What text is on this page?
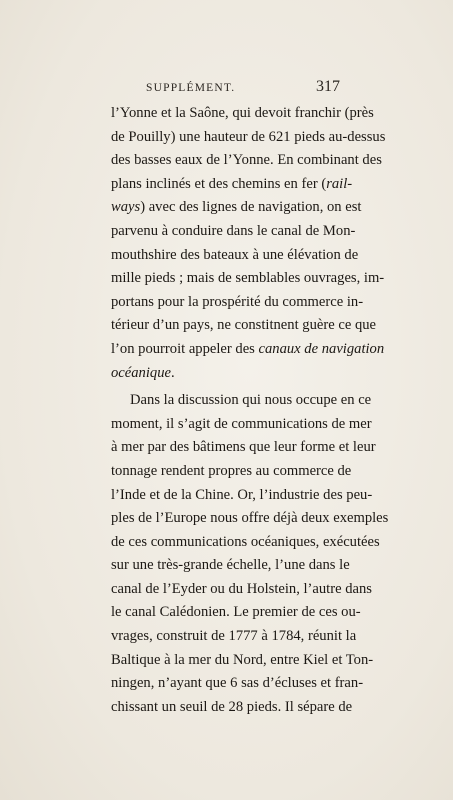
SUPPLÉMENT.	317
l’Yonne et la Saône, qui devoit franchir (près
de Pouilly) une hauteur de 621 pieds au-dessus
des basses eaux de l’Yonne. En combinant des
plans inclinés et des chemins en fer (rail-
ways) avec des lignes de navigation, on est
parvenu à conduire dans le canal de Mon-
mouthshire des bateaux à une élévation de
mille pieds ; mais de semblables ouvrages, im-
portans pour la prospérité du commerce in-
térieur d’un pays, ne constitnent guère ce que
l’on pourroit appeler des canaux de navigation
océanique.
Dans la discussion qui nous occupe en ce
moment, il s’agit de communications de mer
à mer par des bâtimens que leur forme et leur
tonnage rendent propres au commerce de
l’Inde et de la Chine. Or, l’industrie des peu-
ples de l’Europe nous offre déjà deux exemples
de ces communications océaniques, exécutées
sur une très-grande échelle, l’une dans le
canal de l’Eyder ou du Holstein, l’autre dans
le canal Calédonien. Le premier de ces ou-
vrages, construit de 1777 à 1784, réunit la
Baltique à la mer du Nord, entre Kiel et Ton-
ningen, n’ayant que 6 sas d’écluses et fran-
chissant un seuil de 28 pieds. Il sépare de
